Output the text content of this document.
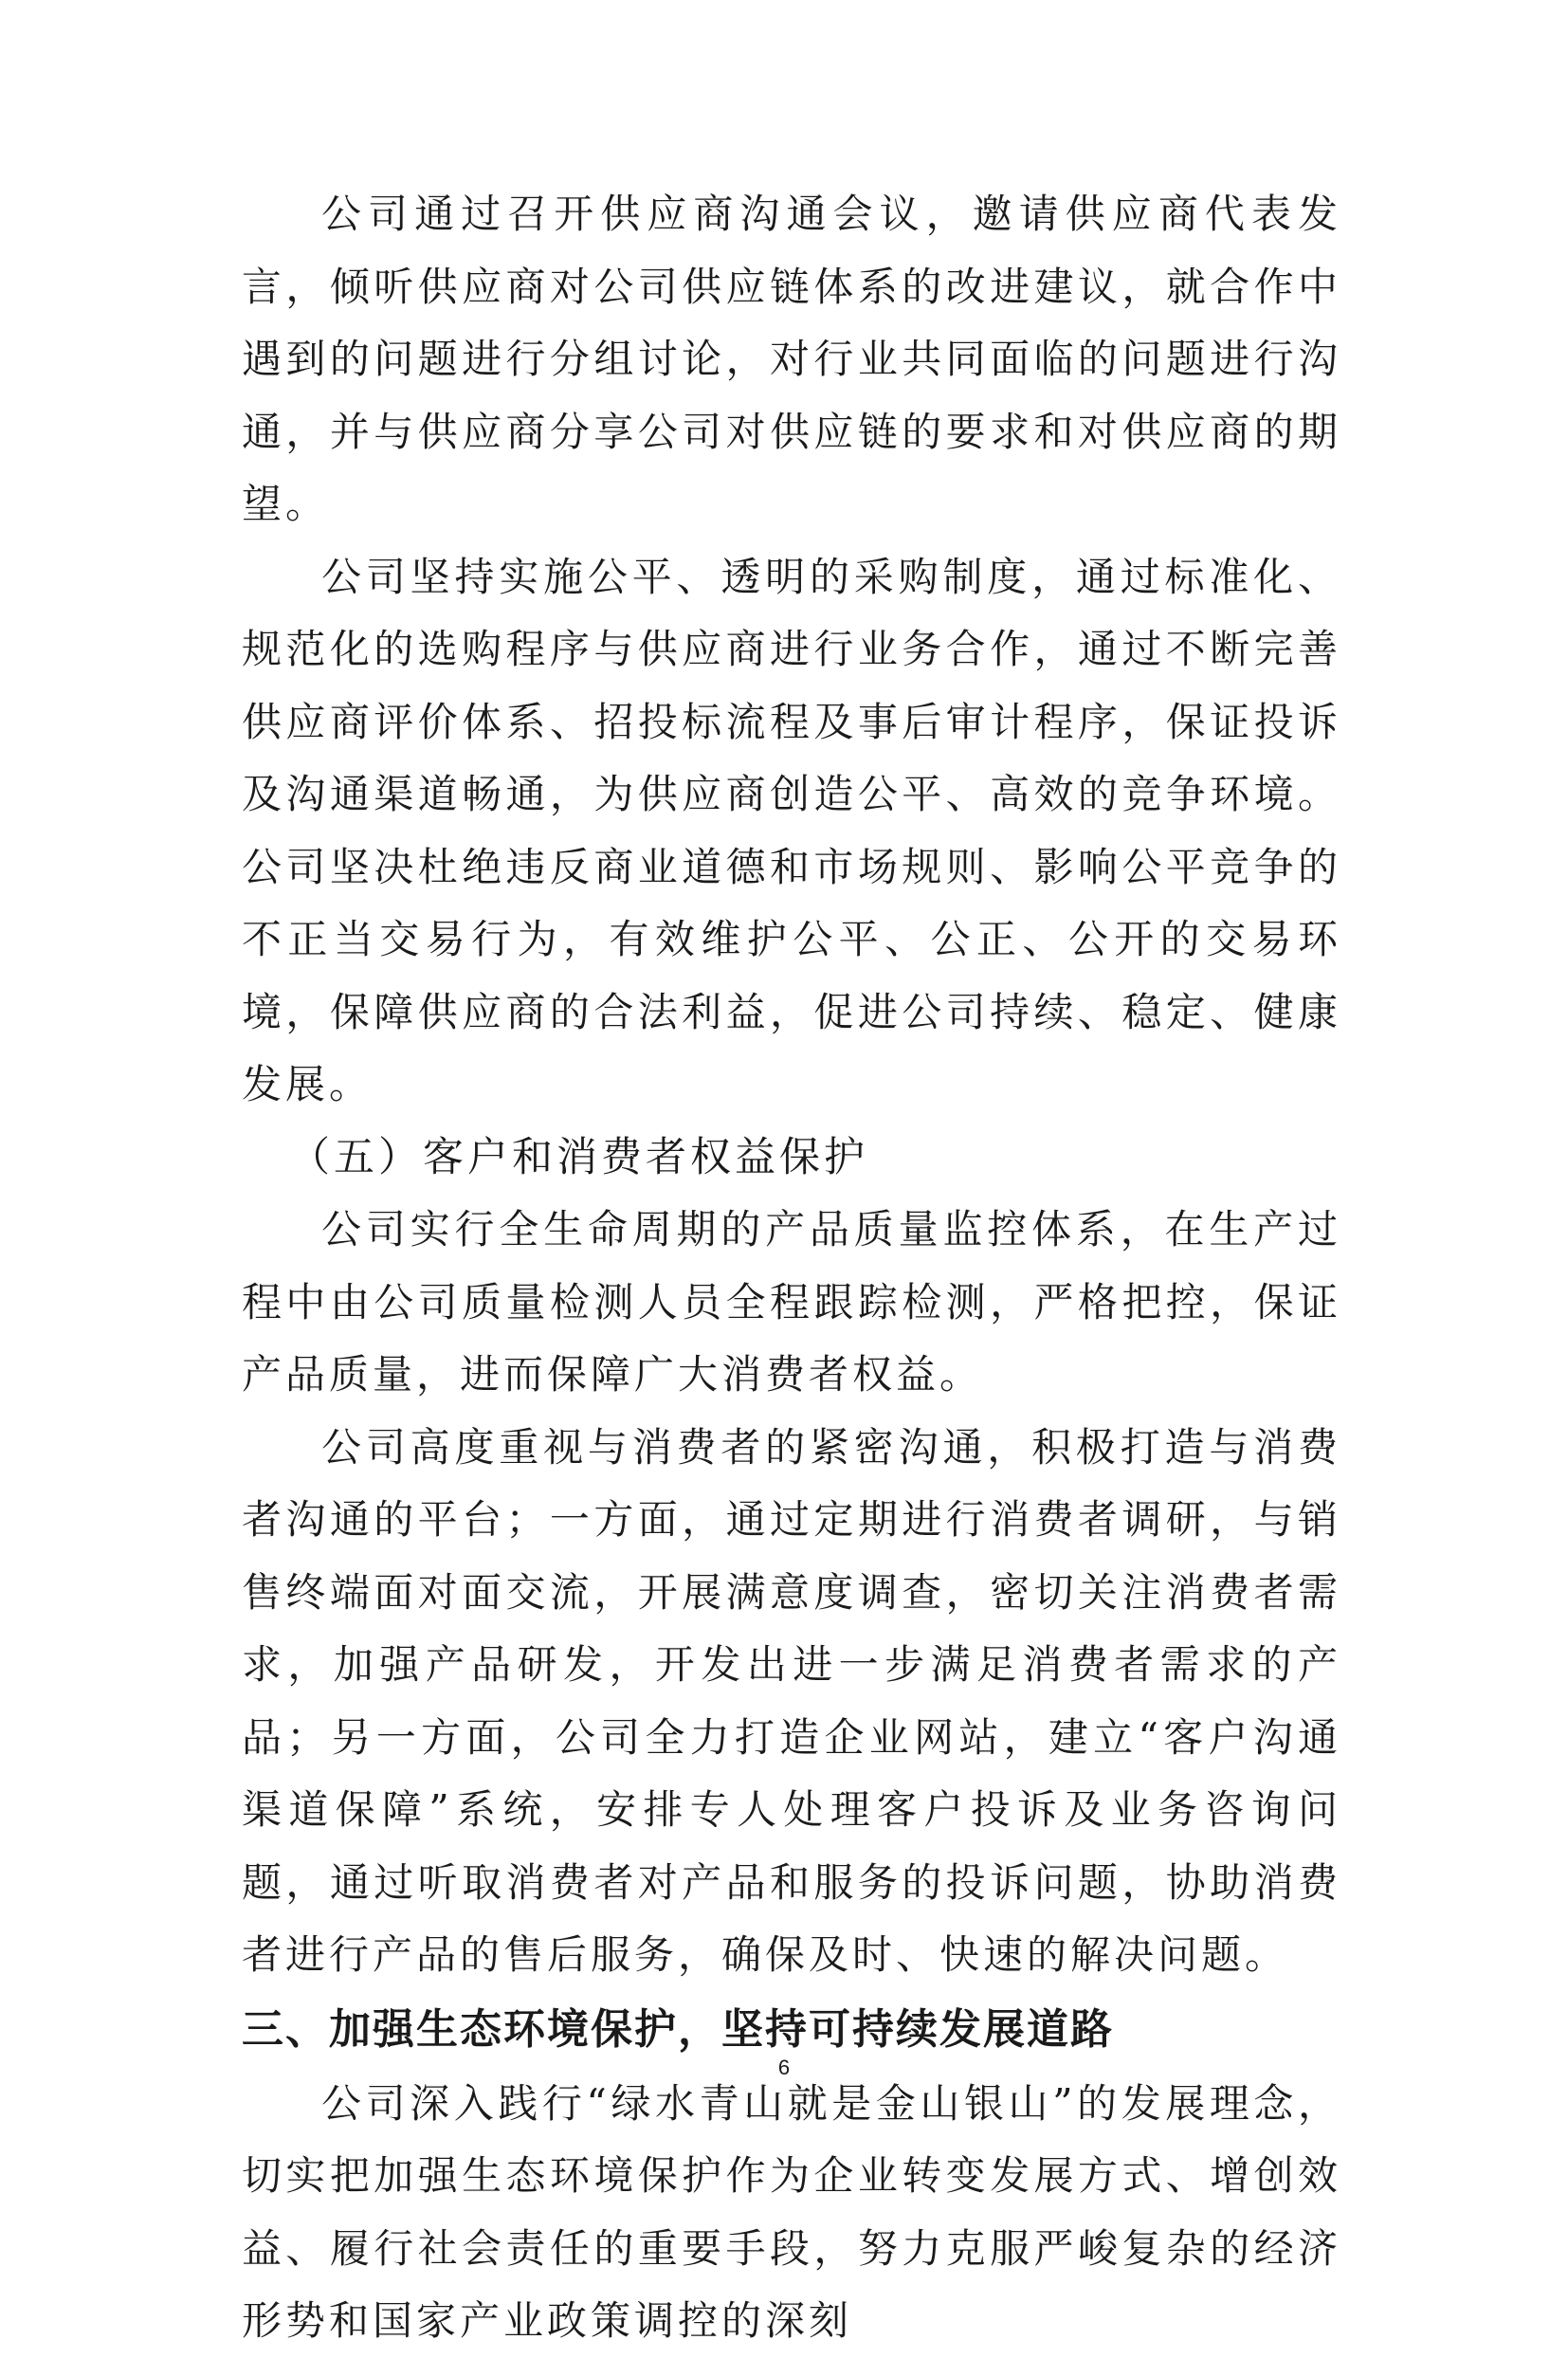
公司通过召开供应商沟通会议，邀请供应商代表发言，倾听供应商对公司供应链体系的改进建议，就合作中遇到的问题进行分组讨论，对行业共同面临的问题进行沟通，并与供应商分享公司对供应链的要求和对供应商的期望。

公司坚持实施公平、透明的采购制度，通过标准化、规范化的选购程序与供应商进行业务合作，通过不断完善供应商评价体系、招投标流程及事后审计程序，保证投诉及沟通渠道畅通，为供应商创造公平、高效的竞争环境。公司坚决杜绝违反商业道德和市场规则、影响公平竞争的不正当交易行为，有效维护公平、公正、公开的交易环境，保障供应商的合法利益，促进公司持续、稳定、健康发展。

（五）客户和消费者权益保护

公司实行全生命周期的产品质量监控体系，在生产过程中由公司质量检测人员全程跟踪检测，严格把控，保证产品质量，进而保障广大消费者权益。

公司高度重视与消费者的紧密沟通，积极打造与消费者沟通的平台；一方面，通过定期进行消费者调研，与销售终端面对面交流，开展满意度调查，密切关注消费者需求，加强产品研发，开发出进一步满足消费者需求的产品；另一方面，公司全力打造企业网站，建立“客户沟通渠道保障”系统，安排专人处理客户投诉及业务咨询问题，通过听取消费者对产品和服务的投诉问题，协助消费者进行产品的售后服务，确保及时、快速的解决问题。

三、加强生态环境保护，坚持可持续发展道路

公司深入践行“绿水青山就是金山银山”的发展理念，切实把加强生态环境保护作为企业转变发展方式、增创效益、履行社会责任的重要手段，努力克服严峻复杂的经济形势和国家产业政策调控的深刻

6
